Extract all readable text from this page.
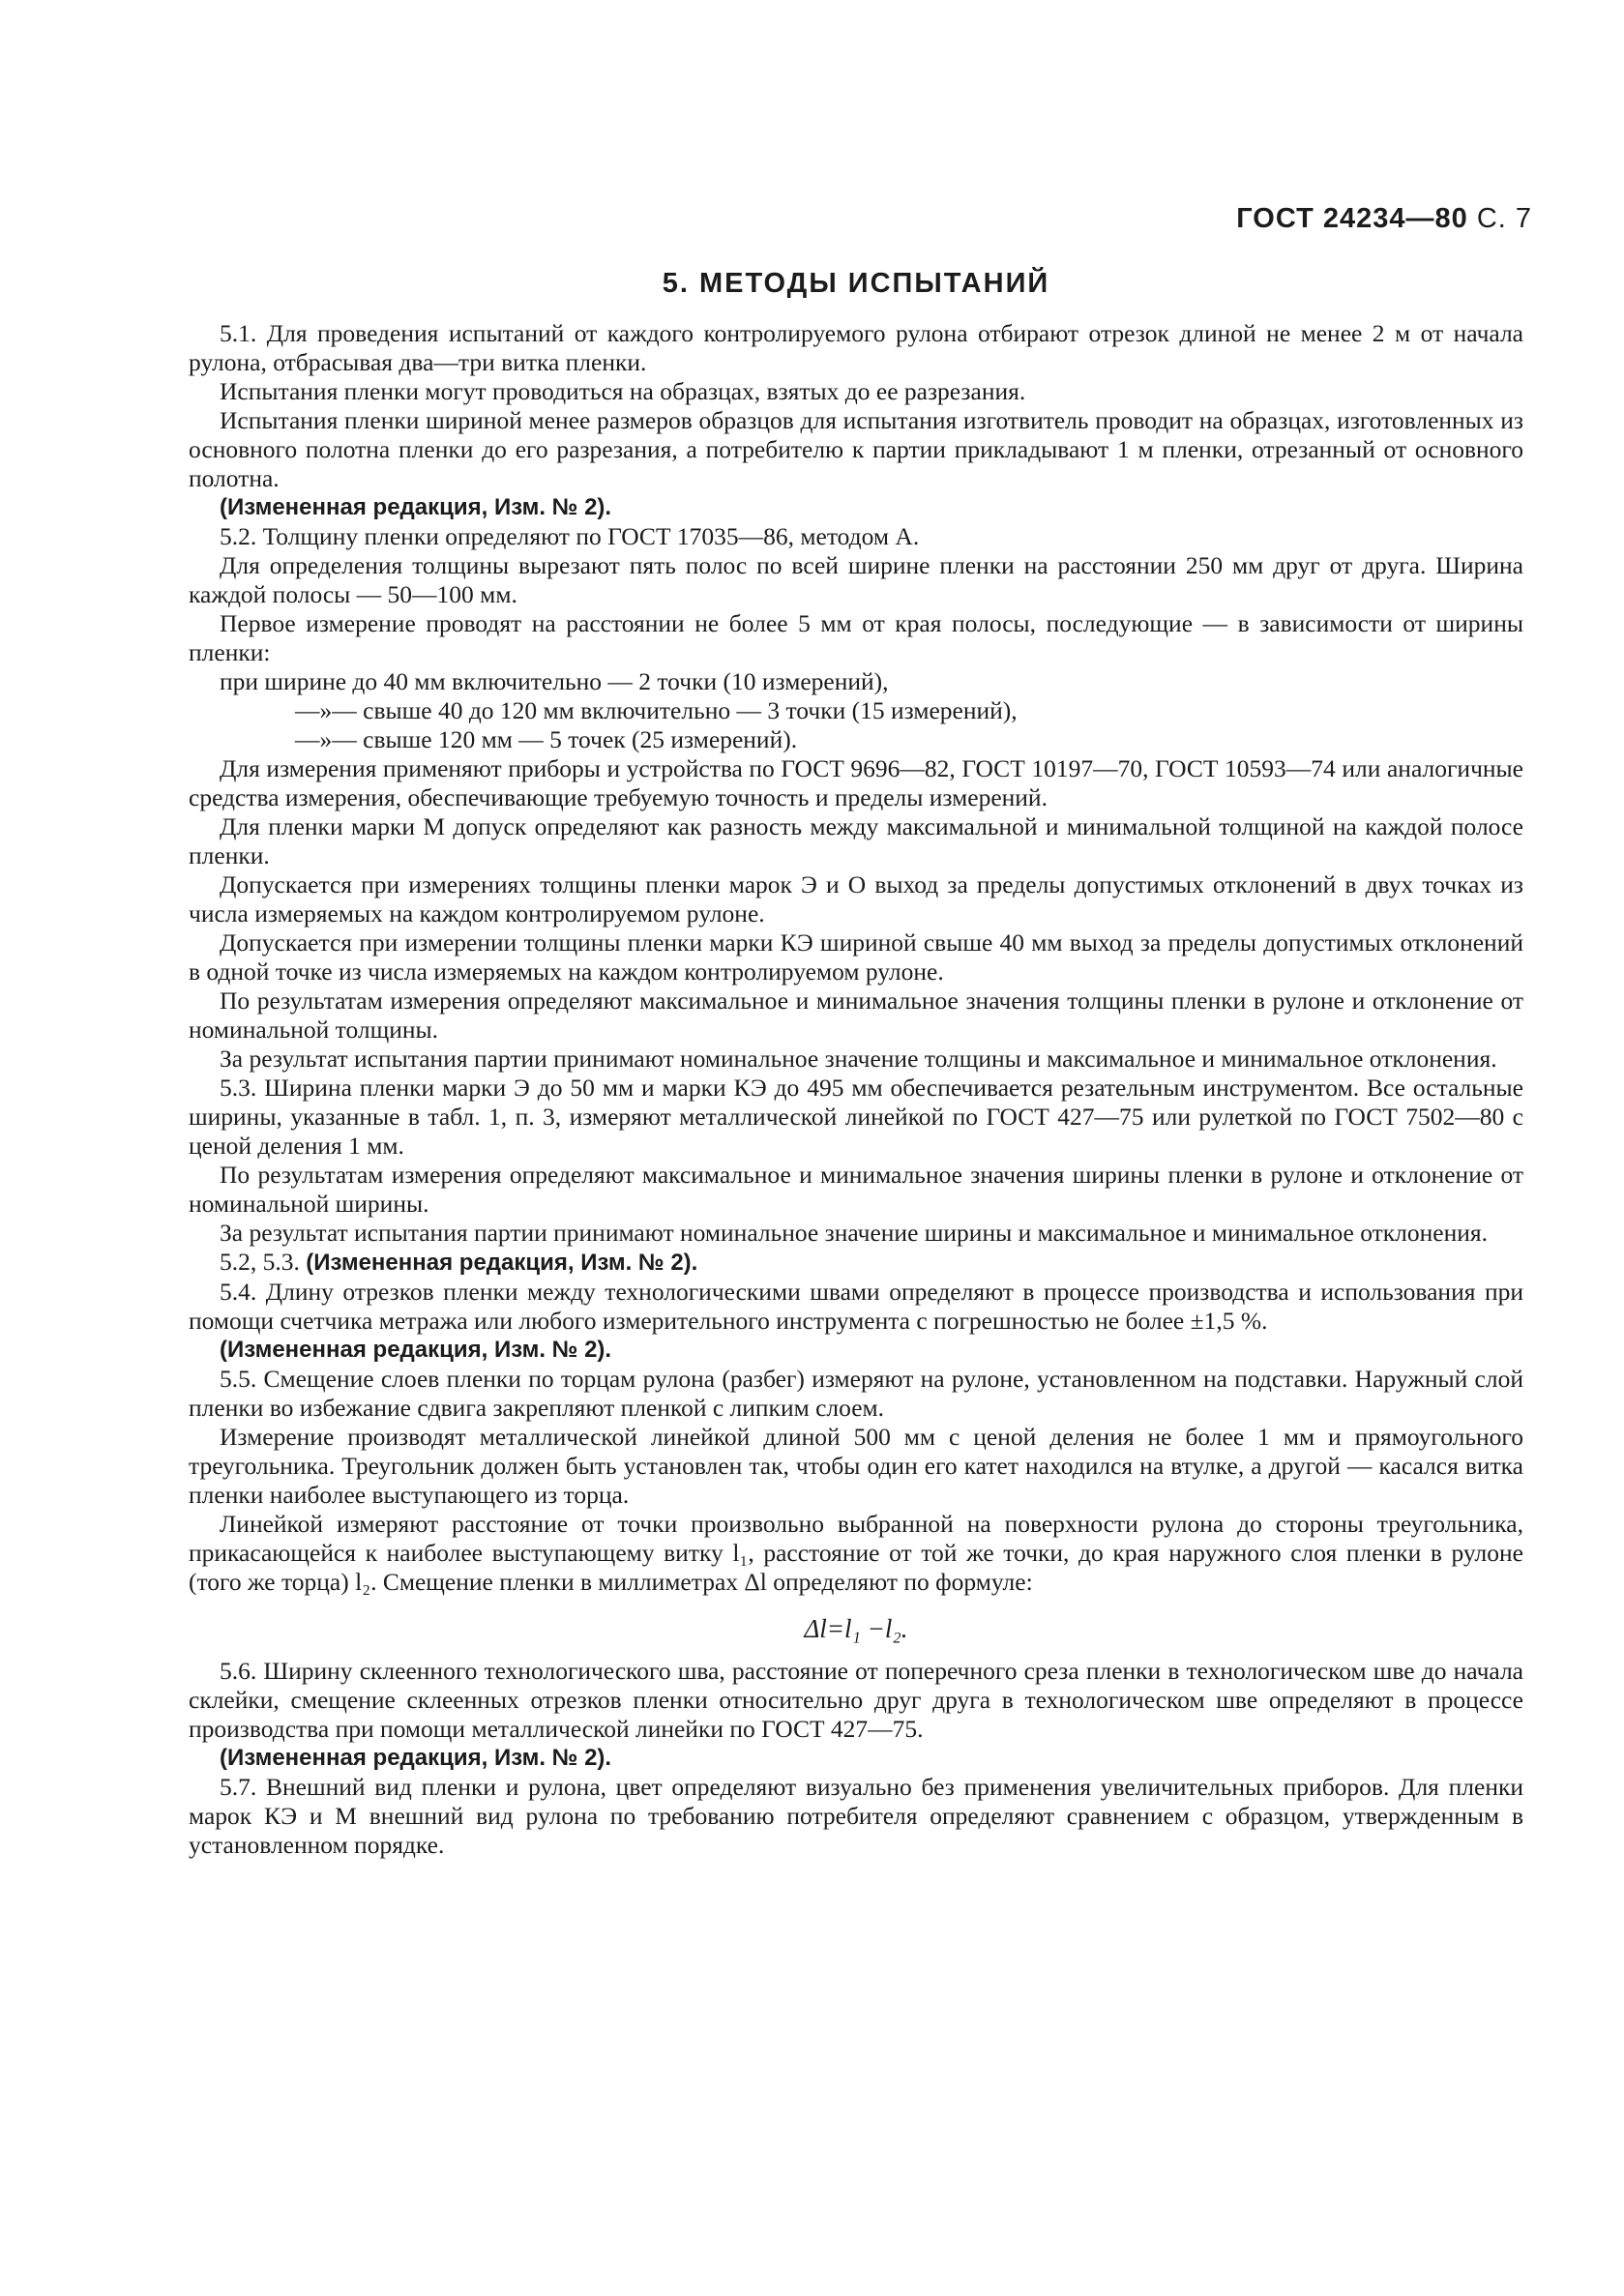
ГОСТ 24234—80 С. 7
5. МЕТОДЫ ИСПЫТАНИЙ

5.1. Для проведения испытаний от каждого контролируемого рулона отбирают отрезок длиной не менее 2 м от начала рулона, отбрасывая два—три витка пленки.

Испытания пленки могут проводиться на образцах, взятых до ее разрезания.

Испытания пленки шириной менее размеров образцов для испытания изготвитель проводит на образцах, изготовленных из основного полотна пленки до его разрезания, а потребителю к партии прикладывают 1 м пленки, отрезанный от основного полотна.

(Измененная редакция, Изм. № 2).

5.2. Толщину пленки определяют по ГОСТ 17035—86, методом А.

Для определения толщины вырезают пять полос по всей ширине пленки на расстоянии 250 мм друг от друга. Ширина каждой полосы — 50—100 мм.

Первое измерение проводят на расстоянии не более 5 мм от края полосы, последующие — в зависимости от ширины пленки:

при ширине до 40 мм включительно — 2 точки (10 измерений),

—»— свыше 40 до 120 мм включительно — 3 точки (15 измерений),

—»— свыше 120 мм — 5 точек (25 измерений).

Для измерения применяют приборы и устройства по ГОСТ 9696—82, ГОСТ 10197—70, ГОСТ 10593—74 или аналогичные средства измерения, обеспечивающие требуемую точность и пределы измерений.

Для пленки марки М допуск определяют как разность между максимальной и минимальной толщиной на каждой полосе пленки.

Допускается при измерениях толщины пленки марок Э и О выход за пределы допустимых отклонений в двух точках из числа измеряемых на каждом контролируемом рулоне.

Допускается при измерении толщины пленки марки КЭ шириной свыше 40 мм выход за пределы допустимых отклонений в одной точке из числа измеряемых на каждом контролируемом рулоне.

По результатам измерения определяют максимальное и минимальное значения толщины пленки в рулоне и отклонение от номинальной толщины.

За результат испытания партии принимают номинальное значение толщины и максимальное и минимальное отклонения.

5.3. Ширина пленки марки Э до 50 мм и марки КЭ до 495 мм обеспечивается резательным инструментом. Все остальные ширины, указанные в табл. 1, п. 3, измеряют металлической линейкой по ГОСТ 427—75 или рулеткой по ГОСТ 7502—80 с ценой деления 1 мм.

По результатам измерения определяют максимальное и минимальное значения ширины пленки в рулоне и отклонение от номинальной ширины.

За результат испытания партии принимают номинальное значение ширины и максимальное и минимальное отклонения.

5.2, 5.3. (Измененная редакция, Изм. № 2).

5.4. Длину отрезков пленки между технологическими швами определяют в процессе производства и использования при помощи счетчика метража или любого измерительного инструмента с погрешностью не более ±1,5 %.

(Измененная редакция, Изм. № 2).

5.5. Смещение слоев пленки по торцам рулона (разбег) измеряют на рулоне, установленном на подставки. Наружный слой пленки во избежание сдвига закрепляют пленкой с липким слоем.

Измерение производят металлической линейкой длиной 500 мм с ценой деления не более 1 мм и прямоугольного треугольника. Треугольник должен быть установлен так, чтобы один его катет находился на втулке, а другой — касался витка пленки наиболее выступающего из торца.

Линейкой измеряют расстояние от точки произвольно выбранной на поверхности рулона до стороны треугольника, прикасающейся к наиболее выступающему витку l₁, расстояние от той же точки, до края наружного слоя пленки в рулоне (того же торца) l₂. Смещение пленки в миллиметрах Δl определяют по формуле:

Δl=l₁ −l₂.

5.6. Ширину склеенного технологического шва, расстояние от поперечного среза пленки в технологическом шве до начала склейки, смещение склеенных отрезков пленки относительно друг друга в технологическом шве определяют в процессе производства при помощи металлической линейки по ГОСТ 427—75.

(Измененная редакция, Изм. № 2).

5.7. Внешний вид пленки и рулона, цвет определяют визуально без применения увеличительных приборов. Для пленки марок КЭ и М внешний вид рулона по требованию потребителя определяют сравнением с образцом, утвержденным в установленном порядке.
